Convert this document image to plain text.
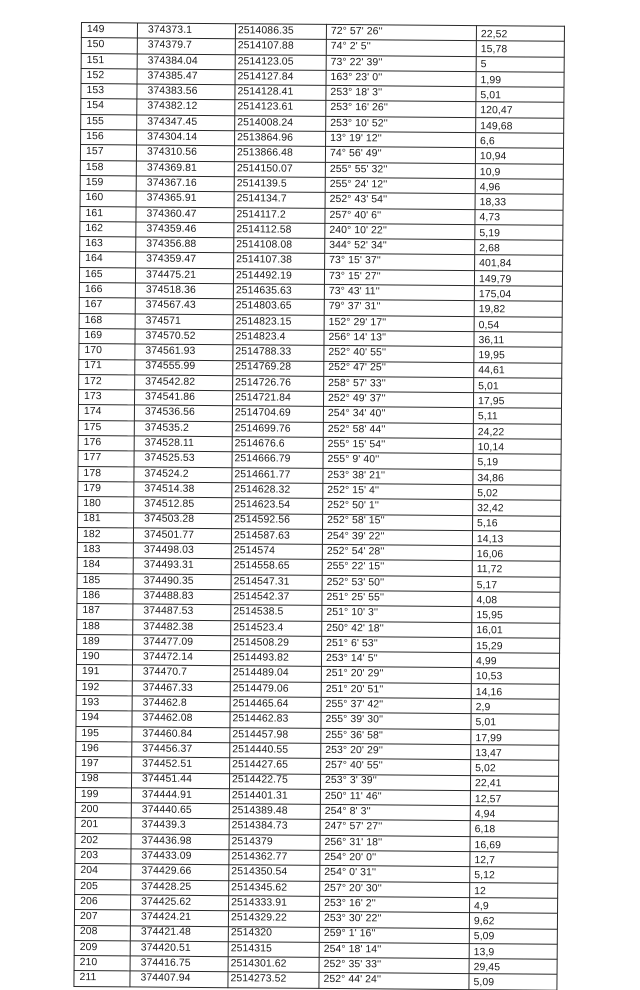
149	374373.1	2514086.35	72° 57' 26''	22,52
150	374379.7	2514107.88	74° 2' 5''	15,78
151	374384.04	2514123.05	73° 22' 39''	5
152	374385.47	2514127.84	163° 23' 0''	1,99
153	374383.56	2514128.41	253° 18' 3''	5,01
154	374382.12	2514123.61	253° 16' 26''	120,47
155	374347.45	2514008.24	253° 10' 52''	149,68
156	374304.14	2513864.96	13° 19' 12''	6,6
157	374310.56	2513866.48	74° 56' 49''	10,94
158	374369.81	2514150.07	255° 55' 32''	10,9
159	374367.16	2514139.5	255° 24' 12''	4,96
160	374365.91	2514134.7	252° 43' 54''	18,33
161	374360.47	2514117.2	257° 40' 6''	4,73
162	374359.46	2514112.58	240° 10' 22''	5,19
163	374356.88	2514108.08	344° 52' 34''	2,68
164	374359.47	2514107.38	73° 15' 37''	401,84
165	374475.21	2514492.19	73° 15' 27''	149,79
166	374518.36	2514635.63	73° 43' 11''	175,04
167	374567.43	2514803.65	79° 37' 31''	19,82
168	374571	2514823.15	152° 29' 17''	0,54
169	374570.52	2514823.4	256° 14' 13''	36,11
170	374561.93	2514788.33	252° 40' 55''	19,95
171	374555.99	2514769.28	252° 47' 25''	44,61
172	374542.82	2514726.76	258° 57' 33''	5,01
173	374541.86	2514721.84	252° 49' 37''	17,95
174	374536.56	2514704.69	254° 34' 40''	5,11
175	374535.2	2514699.76	252° 58' 44''	24,22
176	374528.11	2514676.6	255° 15' 54''	10,14
177	374525.53	2514666.79	255° 9' 40''	5,19
178	374524.2	2514661.77	253° 38' 21''	34,86
179	374514.38	2514628.32	252° 15' 4''	5,02
180	374512.85	2514623.54	252° 50' 1''	32,42
181	374503.28	2514592.56	252° 58' 15''	5,16
182	374501.77	2514587.63	254° 39' 22''	14,13
183	374498.03	2514574	252° 54' 28''	16,06
184	374493.31	2514558.65	255° 22' 15''	11,72
185	374490.35	2514547.31	252° 53' 50''	5,17
186	374488.83	2514542.37	251° 25' 55''	4,08
187	374487.53	2514538.5	251° 10' 3''	15,95
188	374482.38	2514523.4	250° 42' 18''	16,01
189	374477.09	2514508.29	251° 6' 53''	15,29
190	374472.14	2514493.82	253° 14' 5''	4,99
191	374470.7	2514489.04	251° 20' 29''	10,53
192	374467.33	2514479.06	251° 20' 51''	14,16
193	374462.8	2514465.64	255° 37' 42''	2,9
194	374462.08	2514462.83	255° 39' 30''	5,01
195	374460.84	2514457.98	255° 36' 58''	17,99
196	374456.37	2514440.55	253° 20' 29''	13,47
197	374452.51	2514427.65	257° 40' 55''	5,02
198	374451.44	2514422.75	253° 3' 39''	22,41
199	374444.91	2514401.31	250° 11' 46''	12,57
200	374440.65	2514389.48	254° 8' 3''	4,94
201	374439.3	2514384.73	247° 57' 27''	6,18
202	374436.98	2514379	256° 31' 18''	16,69
203	374433.09	2514362.77	254° 20' 0''	12,7
204	374429.66	2514350.54	254° 0' 31''	5,12
205	374428.25	2514345.62	257° 20' 30''	12
206	374425.62	2514333.91	253° 16' 2''	4,9
207	374424.21	2514329.22	253° 30' 22''	9,62
208	374421.48	2514320	259° 1' 16''	5,09
209	374420.51	2514315	254° 18' 14''	13,9
210	374416.75	2514301.62	252° 35' 33''	29,45
211	374407.94	2514273.52	252° 44' 24''	5,09
